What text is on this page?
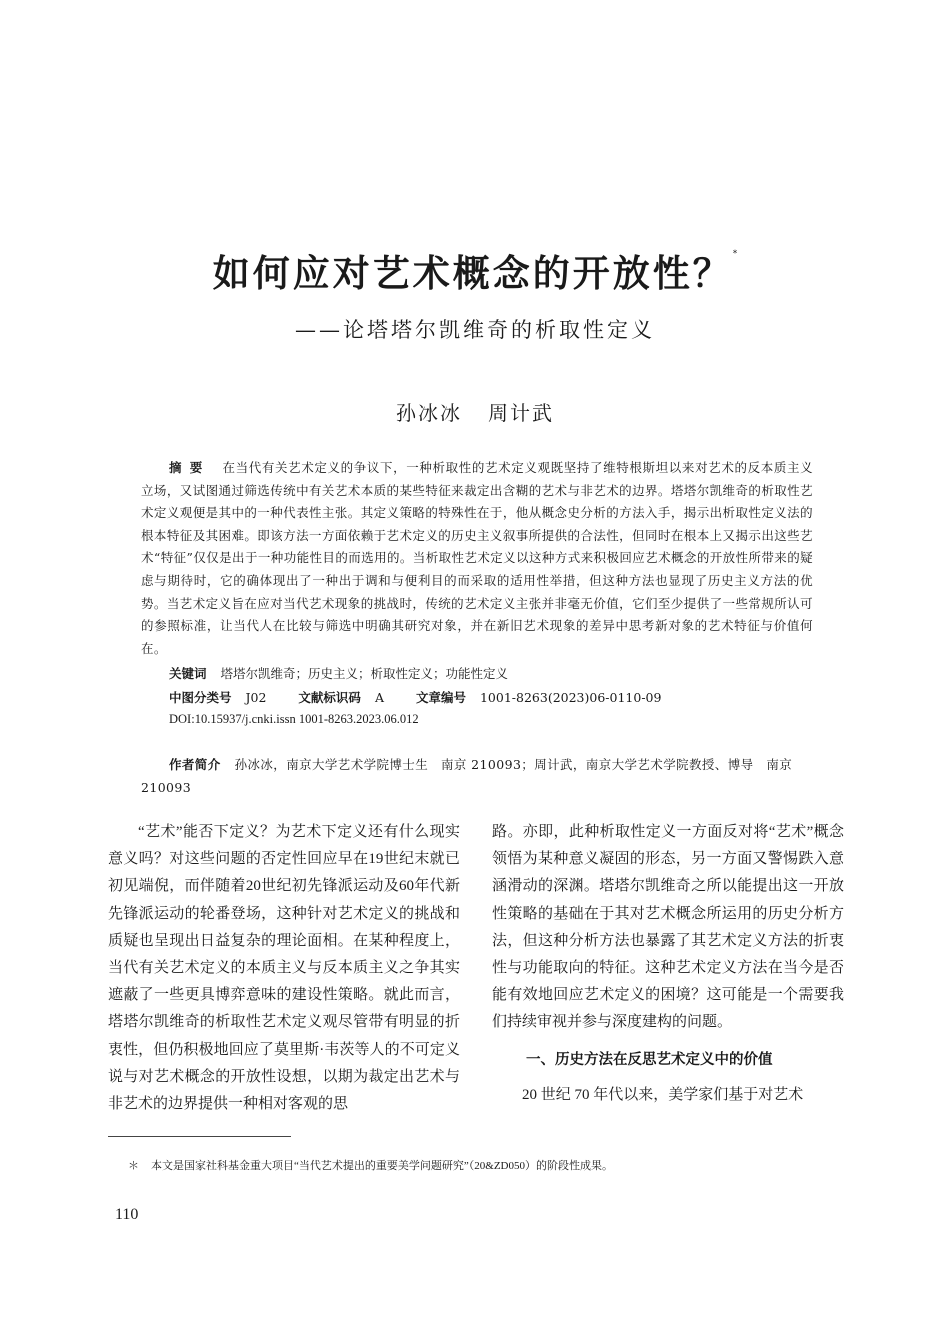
如何应对艺术概念的开放性？*
——论塔塔尔凯维奇的析取性定义
孙冰冰 周计武
摘要 在当代有关艺术定义的争议下，一种析取性的艺术定义观既坚持了维特根斯坦以来对艺术的反本质主义立场，又试图通过筛选传统中有关艺术本质的某些特征来裁定出含糊的艺术与非艺术的边界。塔塔尔凯维奇的析取性艺术定义观便是其中的一种代表性主张。其定义策略的特殊性在于，他从概念史分析的方法入手，揭示出析取性定义法的根本特征及其困难。即该方法一方面依赖于艺术定义的历史主义叙事所提供的合法性，但同时在根本上又揭示出这些艺术“特征”仅仅是出于一种功能性目的而选用的。当析取性艺术定义以这种方式来积极回应艺术概念的开放性所带来的疑虑与期待时，它的确体现出了一种出于调和与便利目的而采取的适用性举措，但这种方法也显现了历史主义方法的优势。当艺术定义旨在应对当代艺术现象的挑战时，传统的艺术定义主张并非毫无价值，它们至少提供了一些常规所认可的参照标准，让当代人在比较与筛选中明确其研究对象，并在新旧艺术现象的差异中思考新对象的艺术特征与价值何在。
关键词 塔塔尔凯维奇；历史主义；析取性定义；功能性定义
中图分类号 J02	文献标识码 A	文章编号 1001-8263(2023)06-0110-09
DOI:10.15937/j.cnki.issn 1001-8263.2023.06.012
作者简介 孙冰冰，南京大学艺术学院博士生　南京 210093；周计武，南京大学艺术学院教授、博导　南京 210093

“艺术”能否下定义？为艺术下定义还有什么现实意义吗？对这些问题的否定性回应早在19世纪末就已初见端倪，而伴随着20世纪初先锋派运动及60年代新先锋派运动的轮番登场，这种针对艺术定义的挑战和质疑也呈现出日益复杂的理论面相。在某种程度上，当代有关艺术定义的本质主义与反本质主义之争其实遮蔽了一些更具博弈意味的建设性策略。就此而言，塔塔尔凯维奇的析取性艺术定义观尽管带有明显的折衷性，但仍积极地回应了莫里斯·韦茨等人的不可定义说与对艺术概念的开放性设想，以期为裁定出艺术与非艺术的边界提供一种相对客观的思

路。亦即，此种析取性定义一方面反对将“艺术”概念领悟为某种意义凝固的形态，另一方面又警惕跌入意涵滑动的深渊。塔塔尔凯维奇之所以能提出这一开放性策略的基础在于其对艺术概念所运用的历史分析方法，但这种分析方法也暴露了其艺术定义方法的折衷性与功能取向的特征。这种艺术定义方法在当今是否能有效地回应艺术定义的困境？这可能是一个需要我们持续审视并参与深度建构的问题。

一、历史方法在反思艺术定义中的价值

20 世纪 70 年代以来，美学家们基于对艺术

＊ 本文是国家社科基金重大项目“当代艺术提出的重要美学问题研究”（20&ZD050）的阶段性成果。
110
